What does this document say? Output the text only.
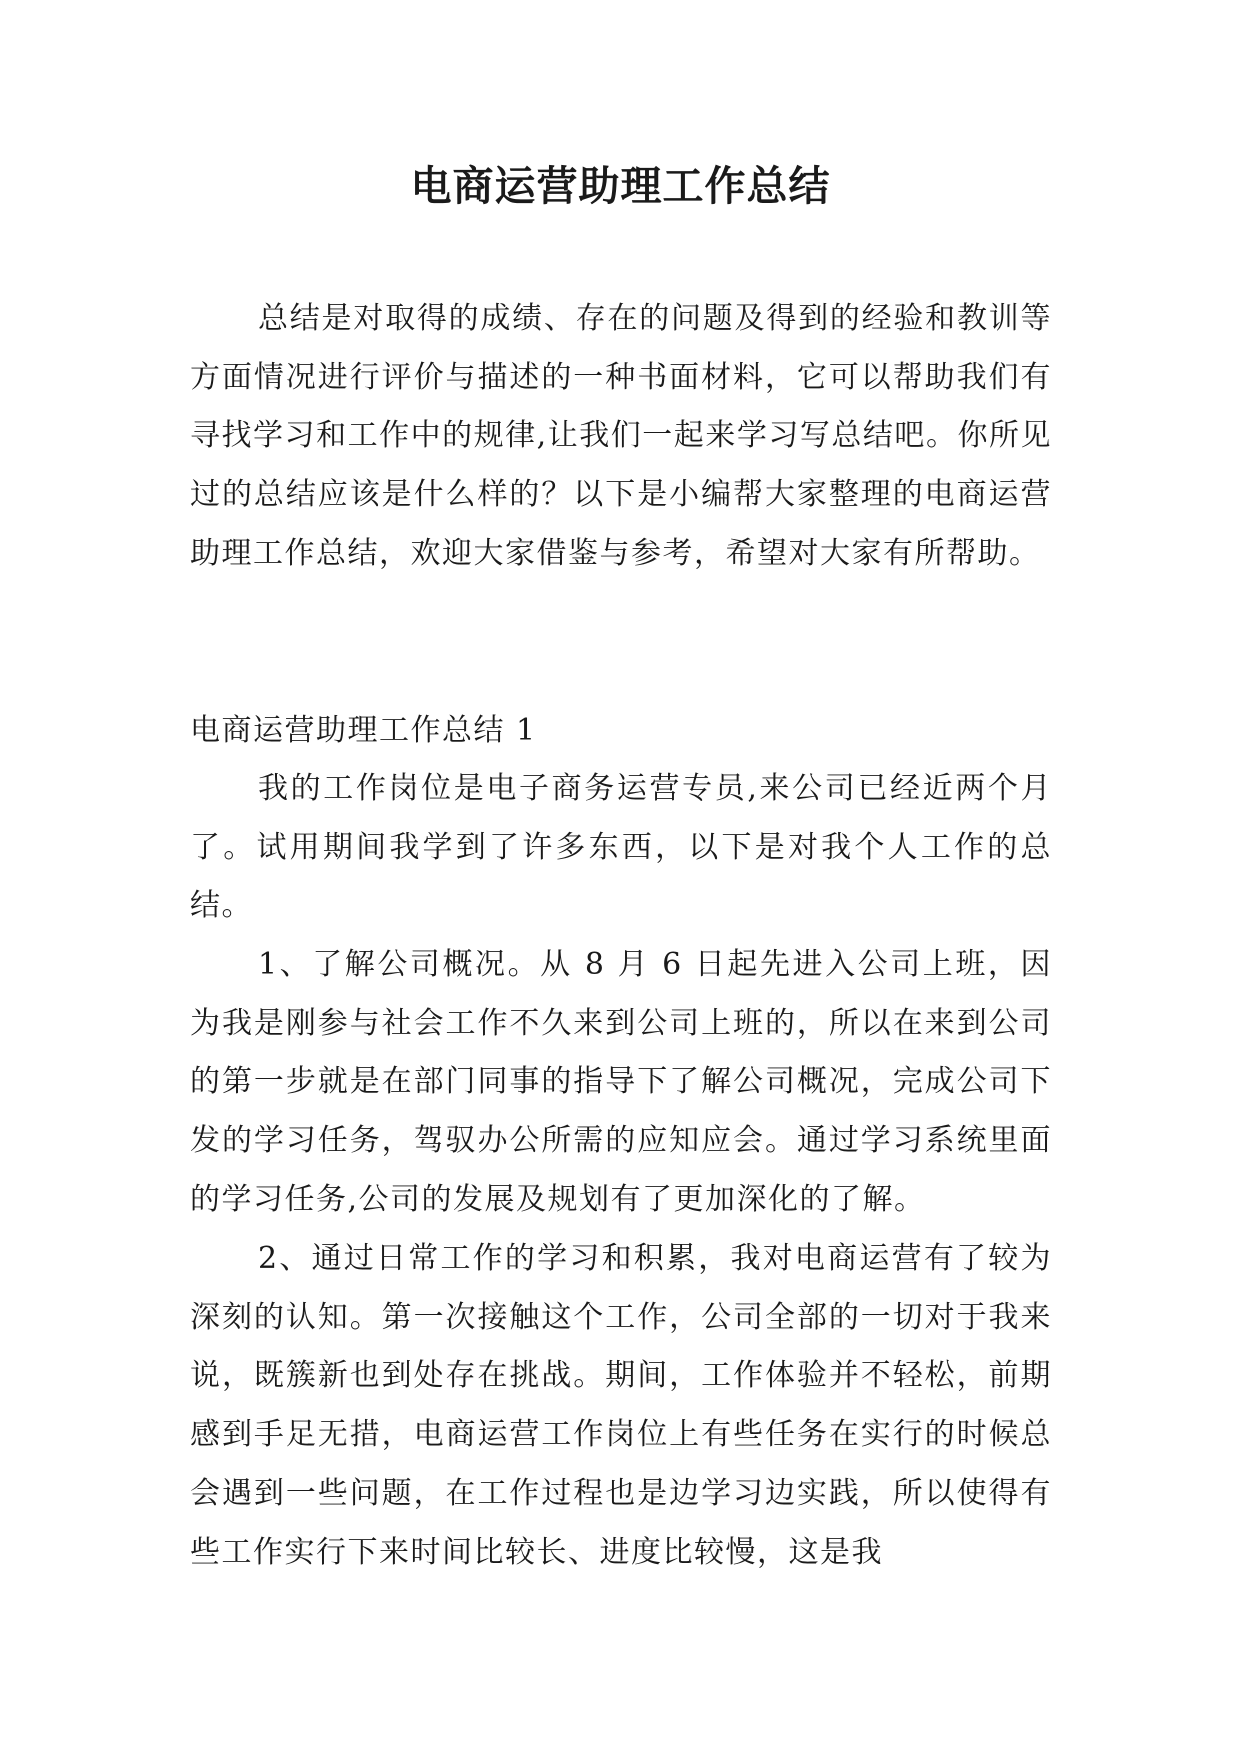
电商运营助理工作总结

总结是对取得的成绩、存在的问题及得到的经验和教训等方面情况进行评价与描述的一种书面材料，它可以帮助我们有寻找学习和工作中的规律,让我们一起来学习写总结吧。你所见过的总结应该是什么样的？以下是小编帮大家整理的电商运营助理工作总结，欢迎大家借鉴与参考，希望对大家有所帮助。

电商运营助理工作总结 1

我的工作岗位是电子商务运营专员,来公司已经近两个月了。试用期间我学到了许多东西，以下是对我个人工作的总结。

1、了解公司概况。从 8 月 6 日起先进入公司上班，因为我是刚参与社会工作不久来到公司上班的，所以在来到公司的第一步就是在部门同事的指导下了解公司概况，完成公司下发的学习任务，驾驭办公所需的应知应会。通过学习系统里面的学习任务,公司的发展及规划有了更加深化的了解。

2、通过日常工作的学习和积累，我对电商运营有了较为深刻的认知。第一次接触这个工作，公司全部的一切对于我来说，既簇新也到处存在挑战。期间，工作体验并不轻松，前期感到手足无措，电商运营工作岗位上有些任务在实行的时候总会遇到一些问题，在工作过程也是边学习边实践，所以使得有些工作实行下来时间比较长、进度比较慢，这是我
